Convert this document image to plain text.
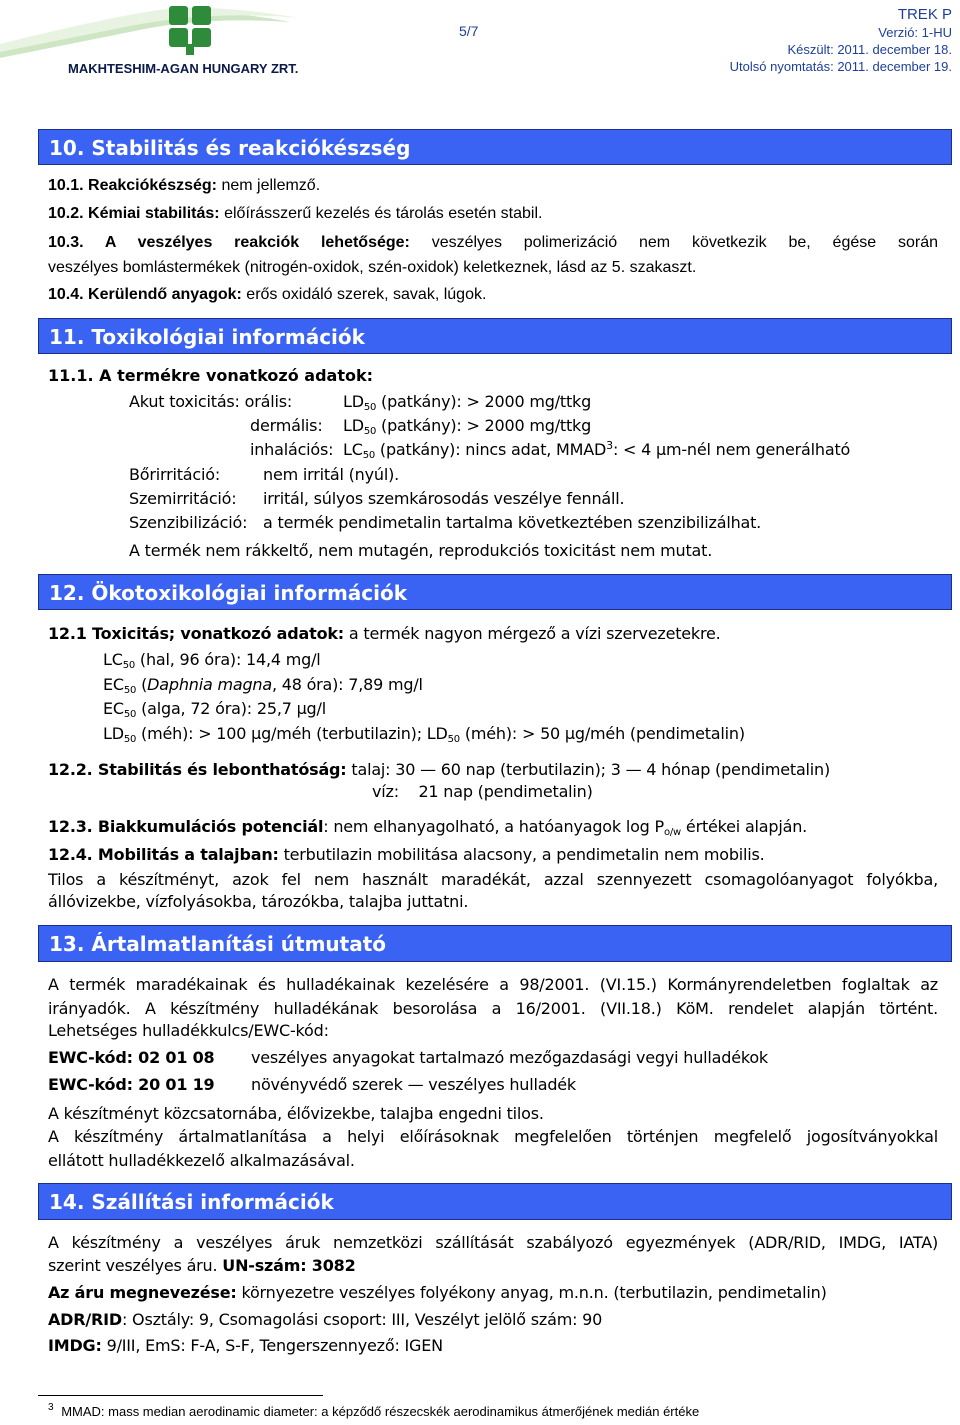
MAKHTESHIM-AGAN HUNGARY ZRT.
5/7
TREK P
Verzió: 1-HU
Készült: 2011. december 18.
Utolsó nyomtatás: 2011. december 19.
10. Stabilitás és reakciókészség
10.1. Reakciókészség: nem jellemző.
10.2. Kémiai stabilitás: előírásszerű kezelés és tárolás esetén stabil.
10.3. A veszélyes reakciók lehetősége: veszélyes polimerizáció nem következik be, égése során
veszélyes bomlástermékek (nitrogén-oxidok, szén-oxidok) keletkeznek, lásd az 5. szakaszt.
10.4. Kerülendő anyagok: erős oxidáló szerek, savak, lúgok.
11. Toxikológiai információk
11.1. A termékre vonatkozó adatok:
Akut toxicitás: orális:	$LD_{50}$ (patkány): > 2000 mg/ttkg
dermális: $LD_{50}$ (patkány): > 2000 mg/ttkg
inhalációs: $LC_{50}$ (patkány): nincs adat, $MMAD^3$: < 4 µm-nél nem generálható
Bőrirritáció:	nem irritál (nyúl).
Szemirritáció: irritál, súlyos szemkárosodás veszélye fennáll.
Szenzibilizáció: a termék pendimetalin tartalma következtében szenzibilizálhat.
A termék nem rákkeltő, nem mutagén, reprodukciós toxicitást nem mutat.
12. Ökotoxikológiai információk
12.1 Toxicitás; vonatkozó adatok: a termék nagyon mérgező a vízi szervezetekre.
$LC_{50}$ (hal, 96 óra): 14,4 mg/l
$EC_{50}$ (Daphnia magna, 48 óra): 7,89 mg/l
$EC_{50}$ (alga, 72 óra): 25,7 µg/l
$LD_{50}$ (méh): > 100 µg/méh (terbutilazin); $LD_{50}$ (méh): > 50 µg/méh (pendimetalin)
12.2. Stabilitás és lebonthatóság: talaj: 30 — 60 nap (terbutilazin); 3 — 4 hónap (pendimetalin)
víz:    21 nap (pendimetalin)
12.3. Biakkumulációs potenciál: nem elhanyagolható, a hatóanyagok $\log P_{o/w}$ értékei alapján.
12.4. Mobilitás a talajban: terbutilazin mobilitása alacsony, a pendimetalin nem mobilis.
Tilos a készítményt, azok fel nem használt maradékát, azzal szennyezett csomagolóanyagot folyókba,
állóvizekbe, vízfolyásokba, tározókba, talajba juttatni.
13. Ártalmatlanítási útmutató
A termék maradékainak és hulladékainak kezelésére a 98/2001. (VI.15.) Kormányrendeletben foglaltak az
irányadók. A készítmény hulladékának besorolása a 16/2001. (VII.18.) KöM. rendelet alapján történt.
Lehetséges hulladékkulcs/EWC-kód:
EWC-kód: 02 01 08 veszélyes anyagokat tartalmazó mezőgazdasági vegyi hulladékok
EWC-kód: 20 01 19 növényvédő szerek — veszélyes hulladék
A készítményt közcsatornába, élővizekbe, talajba engedni tilos.
A készítmény ártalmatlanítása a helyi előírásoknak megfelelően történjen megfelelő jogosítványokkal
ellátott hulladékkezelő alkalmazásával.
14. Szállítási információk
A készítmény a veszélyes áruk nemzetközi szállítását szabályozó egyezmények (ADR/RID, IMDG, IATA)
szerint veszélyes áru. UN-szám: 3082
Az áru megnevezése: környezetre veszélyes folyékony anyag, m.n.n. (terbutilazin, pendimetalin)
ADR/RID: Osztály: 9, Csomagolási csoport: III, Veszélyt jelölő szám: 90
IMDG: 9/III, EmS: F-A, S-F, Tengerszennyező: IGEN
$^3$ MMAD: mass median aerodinamic diameter: a képződő részecskék aerodinamikus átmerőjének medián értéke
